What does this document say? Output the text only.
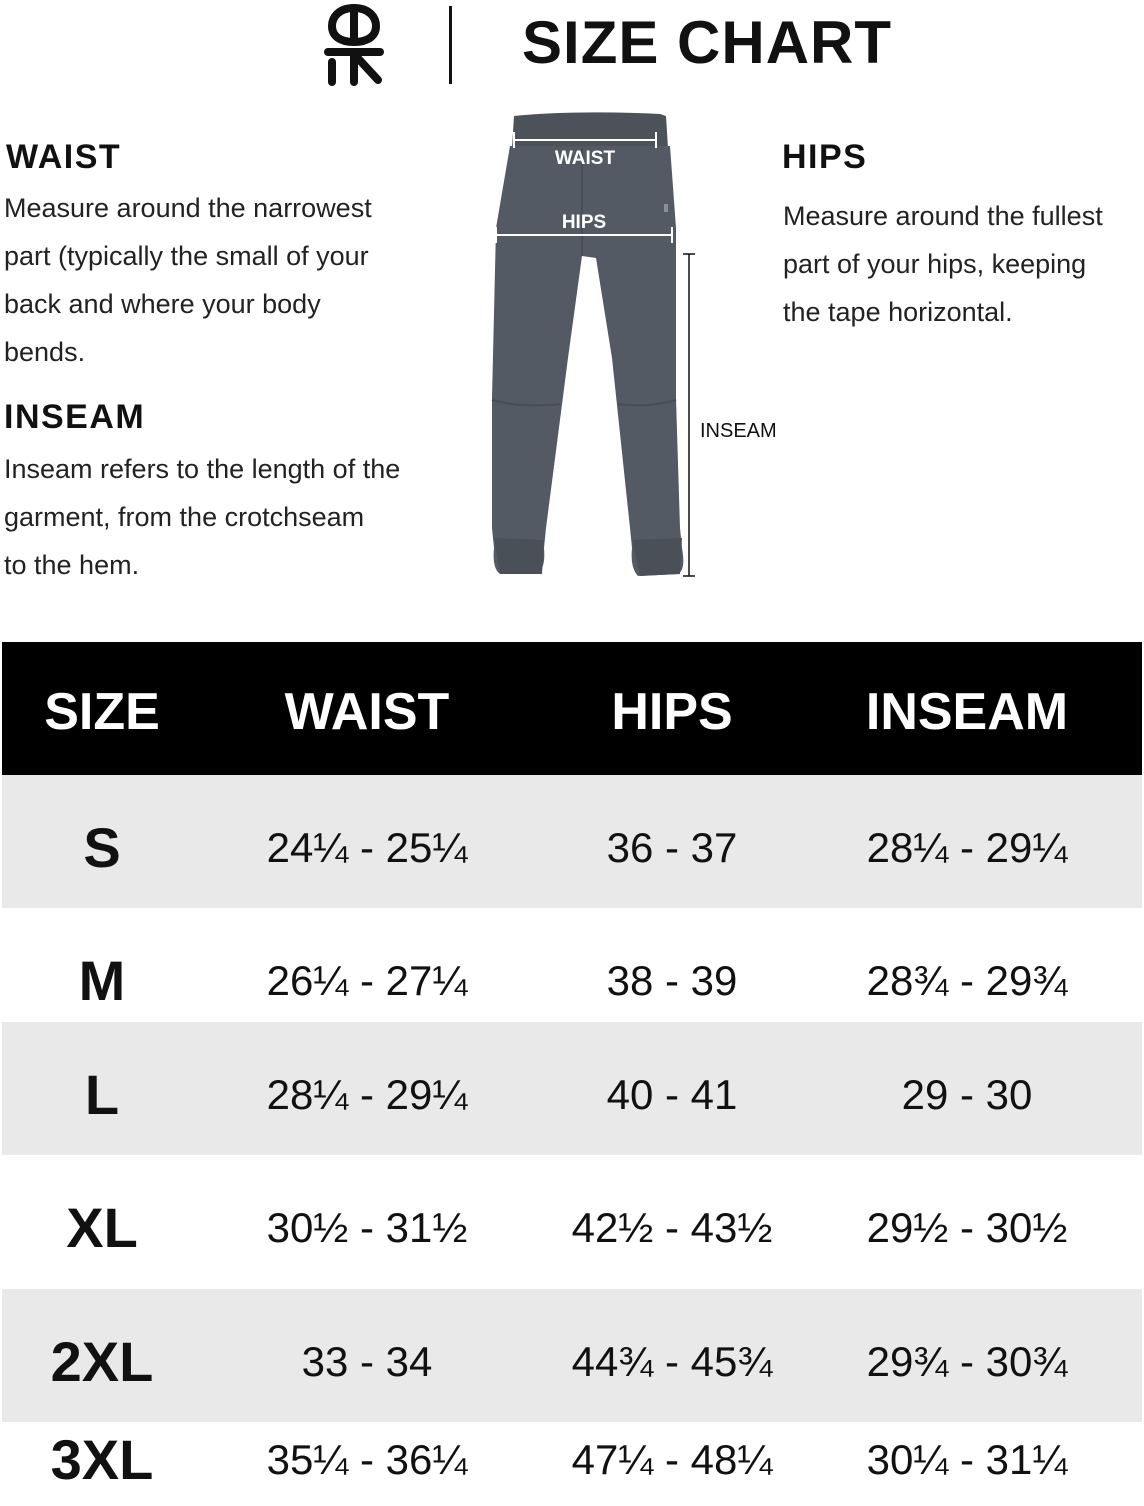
SIZE CHART
WAIST
Measure around the narrowest
part (typically the small of your
back and where your body
bends.
INSEAM
Inseam refers to the length of the
garment, from the crotchseam
to the hem.
HIPS
Measure around the fullest
part of your hips, keeping
the tape horizontal.
WAIST
HIPS
INSEAM
SIZE	WAIST	HIPS	INSEAM
S	24¼ - 25¼	36 - 37	28¼ - 29¼
M	26¼ - 27¼	38 - 39	28¾ - 29¾
L	28¼ - 29¼	40 - 41	29 - 30
XL	30½ - 31½	42½ - 43½	29½ - 30½
2XL	33 - 34	44¾ - 45¾	29¾ - 30¾
3XL	35¼ - 36¼	47¼ - 48¼	30¼ - 31¼
